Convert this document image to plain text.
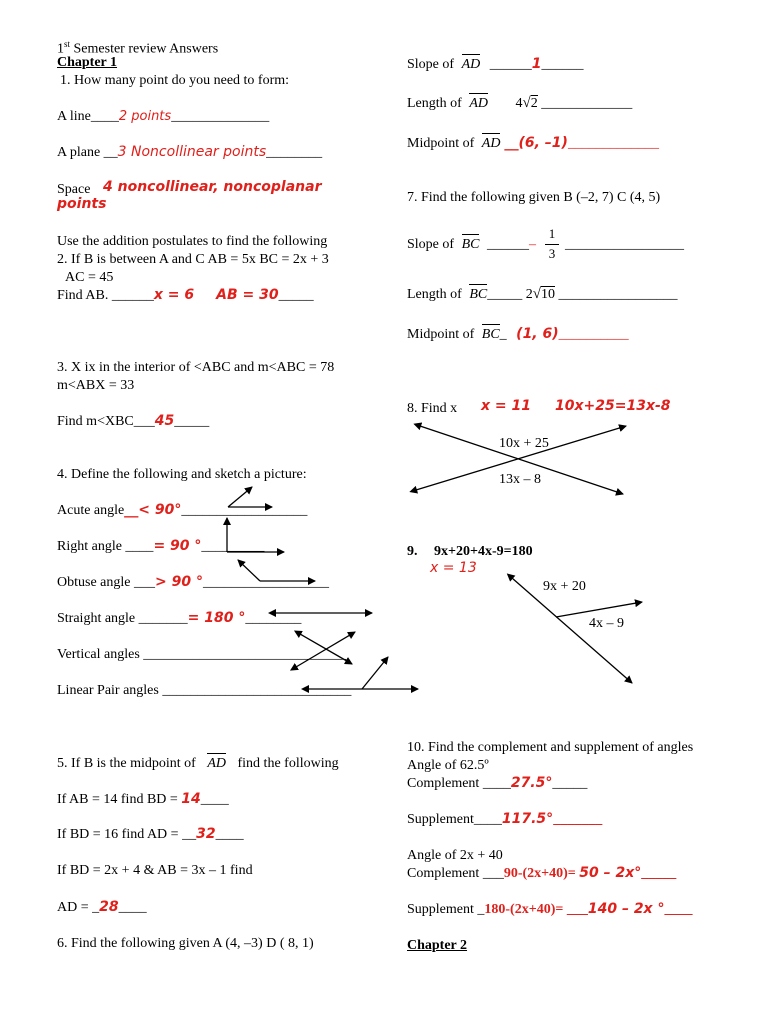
1st Semester review Answers
Chapter 1
1. How many point do you need to form:
A line____2 points______________
A plane __3 Noncollinear points________
Space 4 noncollinear, noncoplanar
points
Use the addition postulates to find the following
2. If B is between A and C AB = 5x BC = 2x + 3
AC = 45
Find AB. ______x = 6 AB = 30_____
3. X ix in the interior of <ABC and m<ABC = 78
m<ABX = 33
Find m<XBC___45_____
4. Define the following and sketch a picture:
Acute angle__< 90°__________________
Right angle ____= 90 °_________
Obtuse angle ___> 90 °__________________
Straight angle _______= 180 °________
Vertical angles _____________________________
Linear Pair angles ___________________________
5. If B is the midpoint of AD find the following
If AB = 14 find BD = 14____
If BD = 16 find AD = __32____
If BD = 2x + 4 & AB = 3x – 1 find
AD = _28____
6. Find the following given A (4, –3) D ( 8, 1)
Slope of AD ______1______
Length of AD 4√2 _____________
Midpoint of AD __(6, –1)_____________
7. Find the following given B (–2, 7) C (4, 5)
Slope of BC ______–
1
3
_________________
Length of BC_____ 2√10 _________________
Midpoint of BC_ (1, 6)__________
8. Find x x = 11 10x+25=13x-8
10x + 25
13x – 8
9. 9x+20+4x-9=180
x = 13
9x + 20
4x – 9
10. Find the complement and supplement of angles
Angle of 62.5º
Complement ____27.5°_____
Supplement____117.5°_______
Angle of 2x + 40
Complement ___90-(2x+40)= 50 – 2x°_____
Supplement _180-(2x+40)= ___140 – 2x °____
Chapter 2
